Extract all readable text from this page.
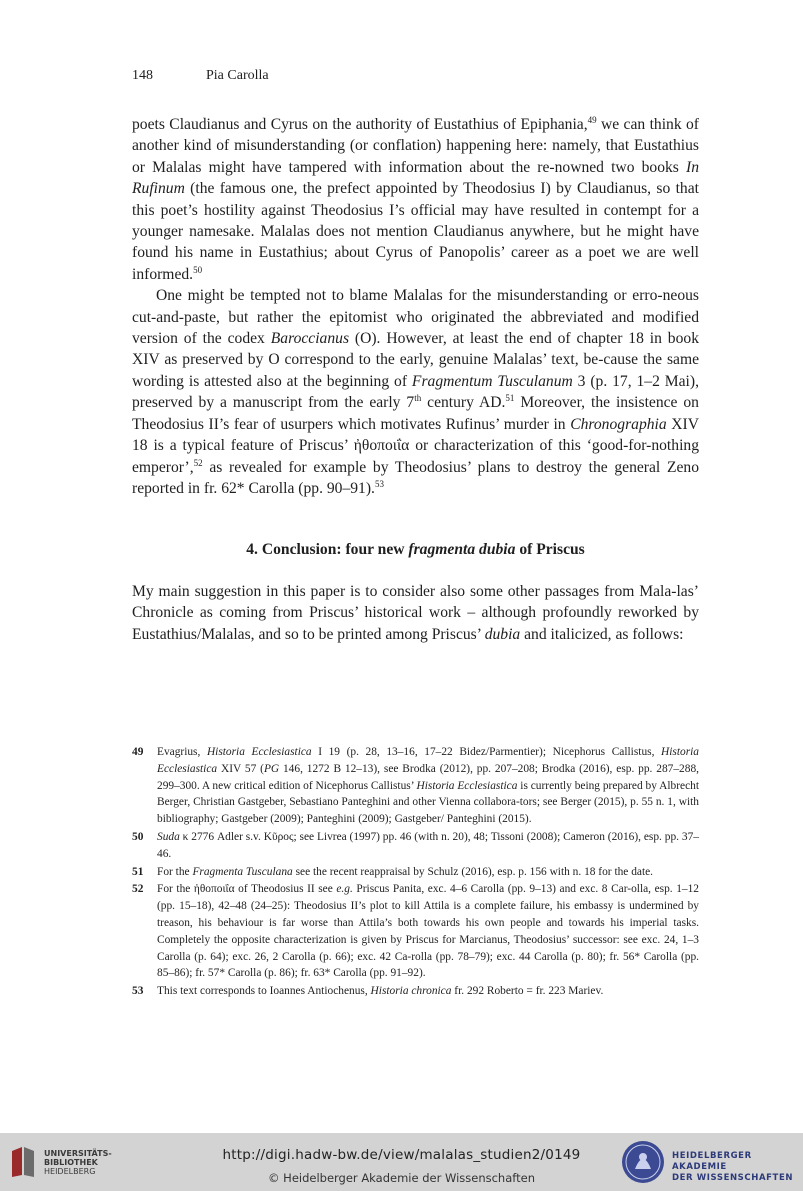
148	Pia Carolla

poets Claudianus and Cyrus on the authority of Eustathius of Epiphania,$^{49}$ we can think of another kind of misunderstanding (or conflation) happening here: namely, that Eustathius or Malalas might have tampered with information about the re-nowned two books In Rufinum (the famous one, the prefect appointed by Theodosius I) by Claudianus, so that this poet’s hostility against Theodosius I’s official may have resulted in contempt for a younger namesake. Malalas does not mention Claudianus anywhere, but he might have found his name in Eustathius; about Cyrus of Panopolis’ career as a poet we are well informed.$^{50}$

One might be tempted not to blame Malalas for the misunderstanding or erro-neous cut-and-paste, but rather the epitomist who originated the abbreviated and modified version of the codex Baroccianus (O). However, at least the end of chapter 18 in book XIV as preserved by O correspond to the early, genuine Malalas’ text, be-cause the same wording is attested also at the beginning of Fragmentum Tusculanum 3 (p. 17, 1–2 Mai), preserved by a manuscript from the early 7th century AD.$^{51}$ Moreover, the insistence on Theodosius II’s fear of usurpers which motivates Rufinus’ murder in Chronographia XIV 18 is a typical feature of Priscus’ ἠθοποιΐα or characterization of this ‘good-for-nothing emperor’,$^{52}$ as revealed for example by Theodosius’ plans to destroy the general Zeno reported in fr. 62* Carolla (pp. 90–91).$^{53}$

4. Conclusion: four new fragmenta dubia of Priscus

My main suggestion in this paper is to consider also some other passages from Mala-las’ Chronicle as coming from Priscus’ historical work – although profoundly reworked by Eustathius/Malalas, and so to be printed among Priscus’ dubia and italicized, as follows:

49 Evagrius, Historia Ecclesiastica I 19 (p. 28, 13–16, 17–22 Bidez/Parmentier); Nicephorus Callistus, Historia Ecclesiastica XIV 57 (PG 146, 1272 B 12–13), see Brodka (2012), pp. 207–208; Brodka (2016), esp. pp. 287–288, 299–300. A new critical edition of Nicephorus Callistus’ Historia Ecclesiastica is currently being prepared by Albrecht Berger, Christian Gastgeber, Sebastiano Panteghini and other Vienna collabora-tors; see Berger (2015), p. 55 n. 1, with bibliography; Gastgeber (2009); Panteghini (2009); Gastgeber/ Panteghini (2015).
50 Suda κ 2776 Adler s.v. Κῦρος; see Livrea (1997) pp. 46 (with n. 20), 48; Tissoni (2008); Cameron (2016), esp. pp. 37–46.
51 For the Fragmenta Tusculana see the recent reappraisal by Schulz (2016), esp. p. 156 with n. 18 for the date.
52 For the ἠθοποιΐα of Theodosius II see e.g. Priscus Panita, exc. 4–6 Carolla (pp. 9–13) and exc. 8 Car-olla, esp. 1–12 (pp. 15–18), 42–48 (24–25): Theodosius II’s plot to kill Attila is a complete failure, his embassy is undermined by treason, his behaviour is far worse than Attila’s both towards his own people and towards his imperial tasks. Completely the opposite characterization is given by Priscus for Marcianus, Theodosius’ successor: see exc. 24, 1–3 Carolla (p. 64); exc. 26, 2 Carolla (p. 66); exc. 42 Ca-rolla (pp. 78–79); exc. 44 Carolla (p. 80); fr. 56* Carolla (pp. 85–86); fr. 57* Carolla (p. 86); fr. 63* Carolla (pp. 91–92).
53 This text corresponds to Ioannes Antiochenus, Historia chronica fr. 292 Roberto = fr. 223 Mariev.
UNIVERSITÄTS-
BIBLIOTHEK
HEIDELBERG
http://digi.hadw-bw.de/view/malalas_studien2/0149
© Heidelberger Akademie der Wissenschaften
HEIDELBERGER AKADEMIE
DER WISSENSCHAFTEN
